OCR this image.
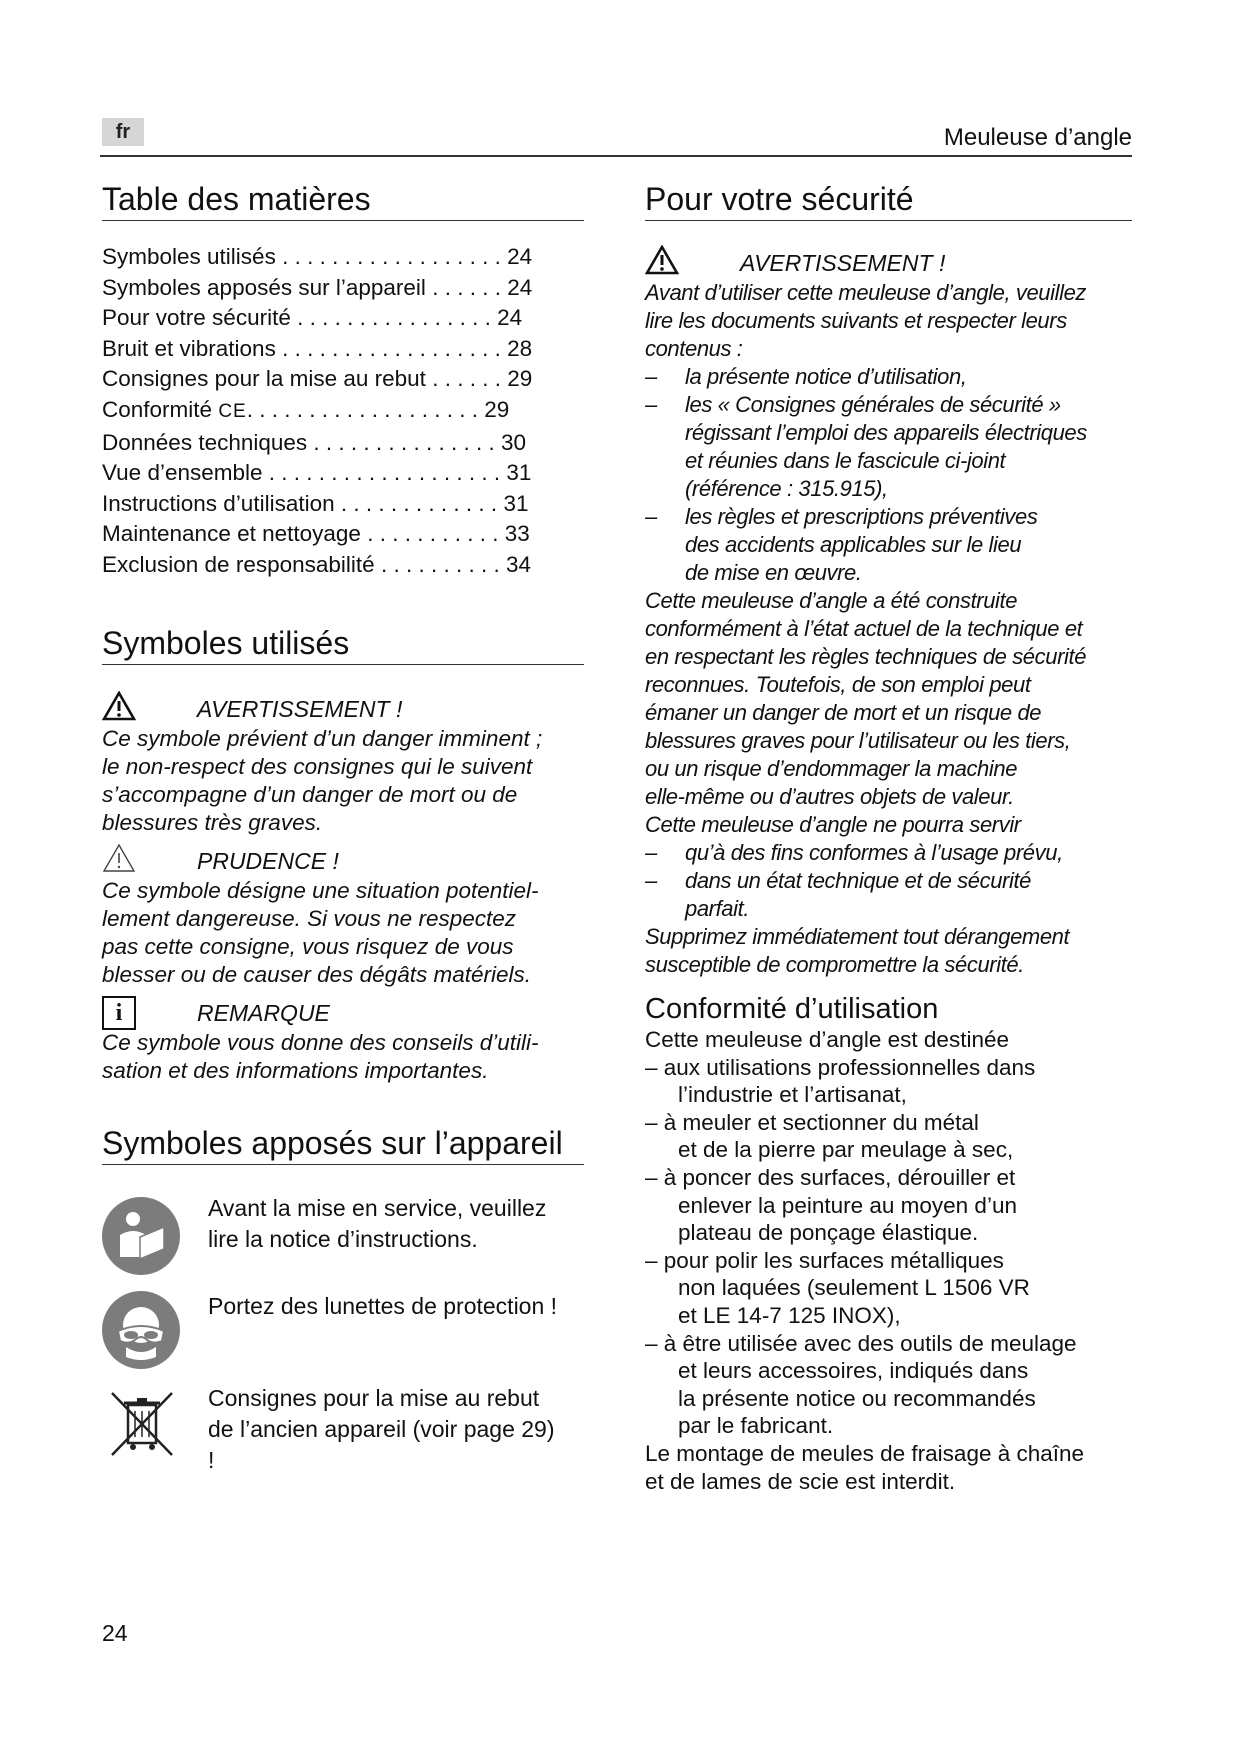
fr	Meuleuse d’angle
Table des matières
Symboles utilisés . . . . . . . . . . . . . . . . . . 24
Symboles apposés sur l’appareil . . . . . . 24
Pour votre sécurité . . . . . . . . . . . . . . . . 24
Bruit et vibrations . . . . . . . . . . . . . . . . . . 28
Consignes pour la mise au rebut . . . . . . 29
Conformité CE. . . . . . . . . . . . . . . . . . . 29
Données techniques . . . . . . . . . . . . . . . 30
Vue d’ensemble . . . . . . . . . . . . . . . . . . . 31
Instructions d’utilisation . . . . . . . . . . . . . 31
Maintenance et nettoyage . . . . . . . . . . . 33
Exclusion de responsabilité . . . . . . . . . . 34
Symboles utilisés
AVERTISSEMENT !
Ce symbole prévient d’un danger imminent ;
le non-respect des consignes qui le suivent
s’accompagne d’un danger de mort ou de
blessures très graves.
PRUDENCE !
Ce symbole désigne une situation potentiel-
lement dangereuse. Si vous ne respectez
pas cette consigne, vous risquez de vous
blesser ou de causer des dégâts matériels.
i	REMARQUE
Ce symbole vous donne des conseils d’utili-
sation et des informations importantes.
Symboles apposés sur l’appareil
Avant la mise en service, veuillez
lire la notice d’instructions.
Portez des lunettes de protection !
Consignes pour la mise au rebut
de l’ancien appareil (voir page 29)
!
Pour votre sécurité
AVERTISSEMENT !
Avant d’utiliser cette meuleuse d’angle, veuillez
lire les documents suivants et respecter leurs
contenus :
–	la présente notice d’utilisation,
–	les « Consignes générales de sécurité »
régissant l’emploi des appareils électriques
et réunies dans le fascicule ci-joint
(référence : 315.915),
–	les règles et prescriptions préventives
des accidents applicables sur le lieu
de mise en œuvre.
Cette meuleuse d’angle a été construite
conformément à l’état actuel de la technique et
en respectant les règles techniques de sécurité
reconnues. Toutefois, de son emploi peut
émaner un danger de mort et un risque de
blessures graves pour l’utilisateur ou les tiers,
ou un risque d’endommager la machine
elle-même ou d’autres objets de valeur.
Cette meuleuse d’angle ne pourra servir
–	qu’à des fins conformes à l’usage prévu,
–	dans un état technique et de sécurité
parfait.
Supprimez immédiatement tout dérangement
susceptible de compromettre la sécurité.
Conformité d’utilisation
Cette meuleuse d’angle est destinée
– aux utilisations professionnelles dans
l’industrie et l’artisanat,
– à meuler et sectionner du métal
et de la pierre par meulage à sec,
– à poncer des surfaces, dérouiller et
enlever la peinture au moyen d’un
plateau de ponçage élastique.
– pour polir les surfaces métalliques
non laquées (seulement L 1506 VR
et LE 14-7 125 INOX),
– à être utilisée avec des outils de meulage
et leurs accessoires, indiqués dans
la présente notice ou recommandés
par le fabricant.
Le montage de meules de fraisage à chaîne
et de lames de scie est interdit.
24
